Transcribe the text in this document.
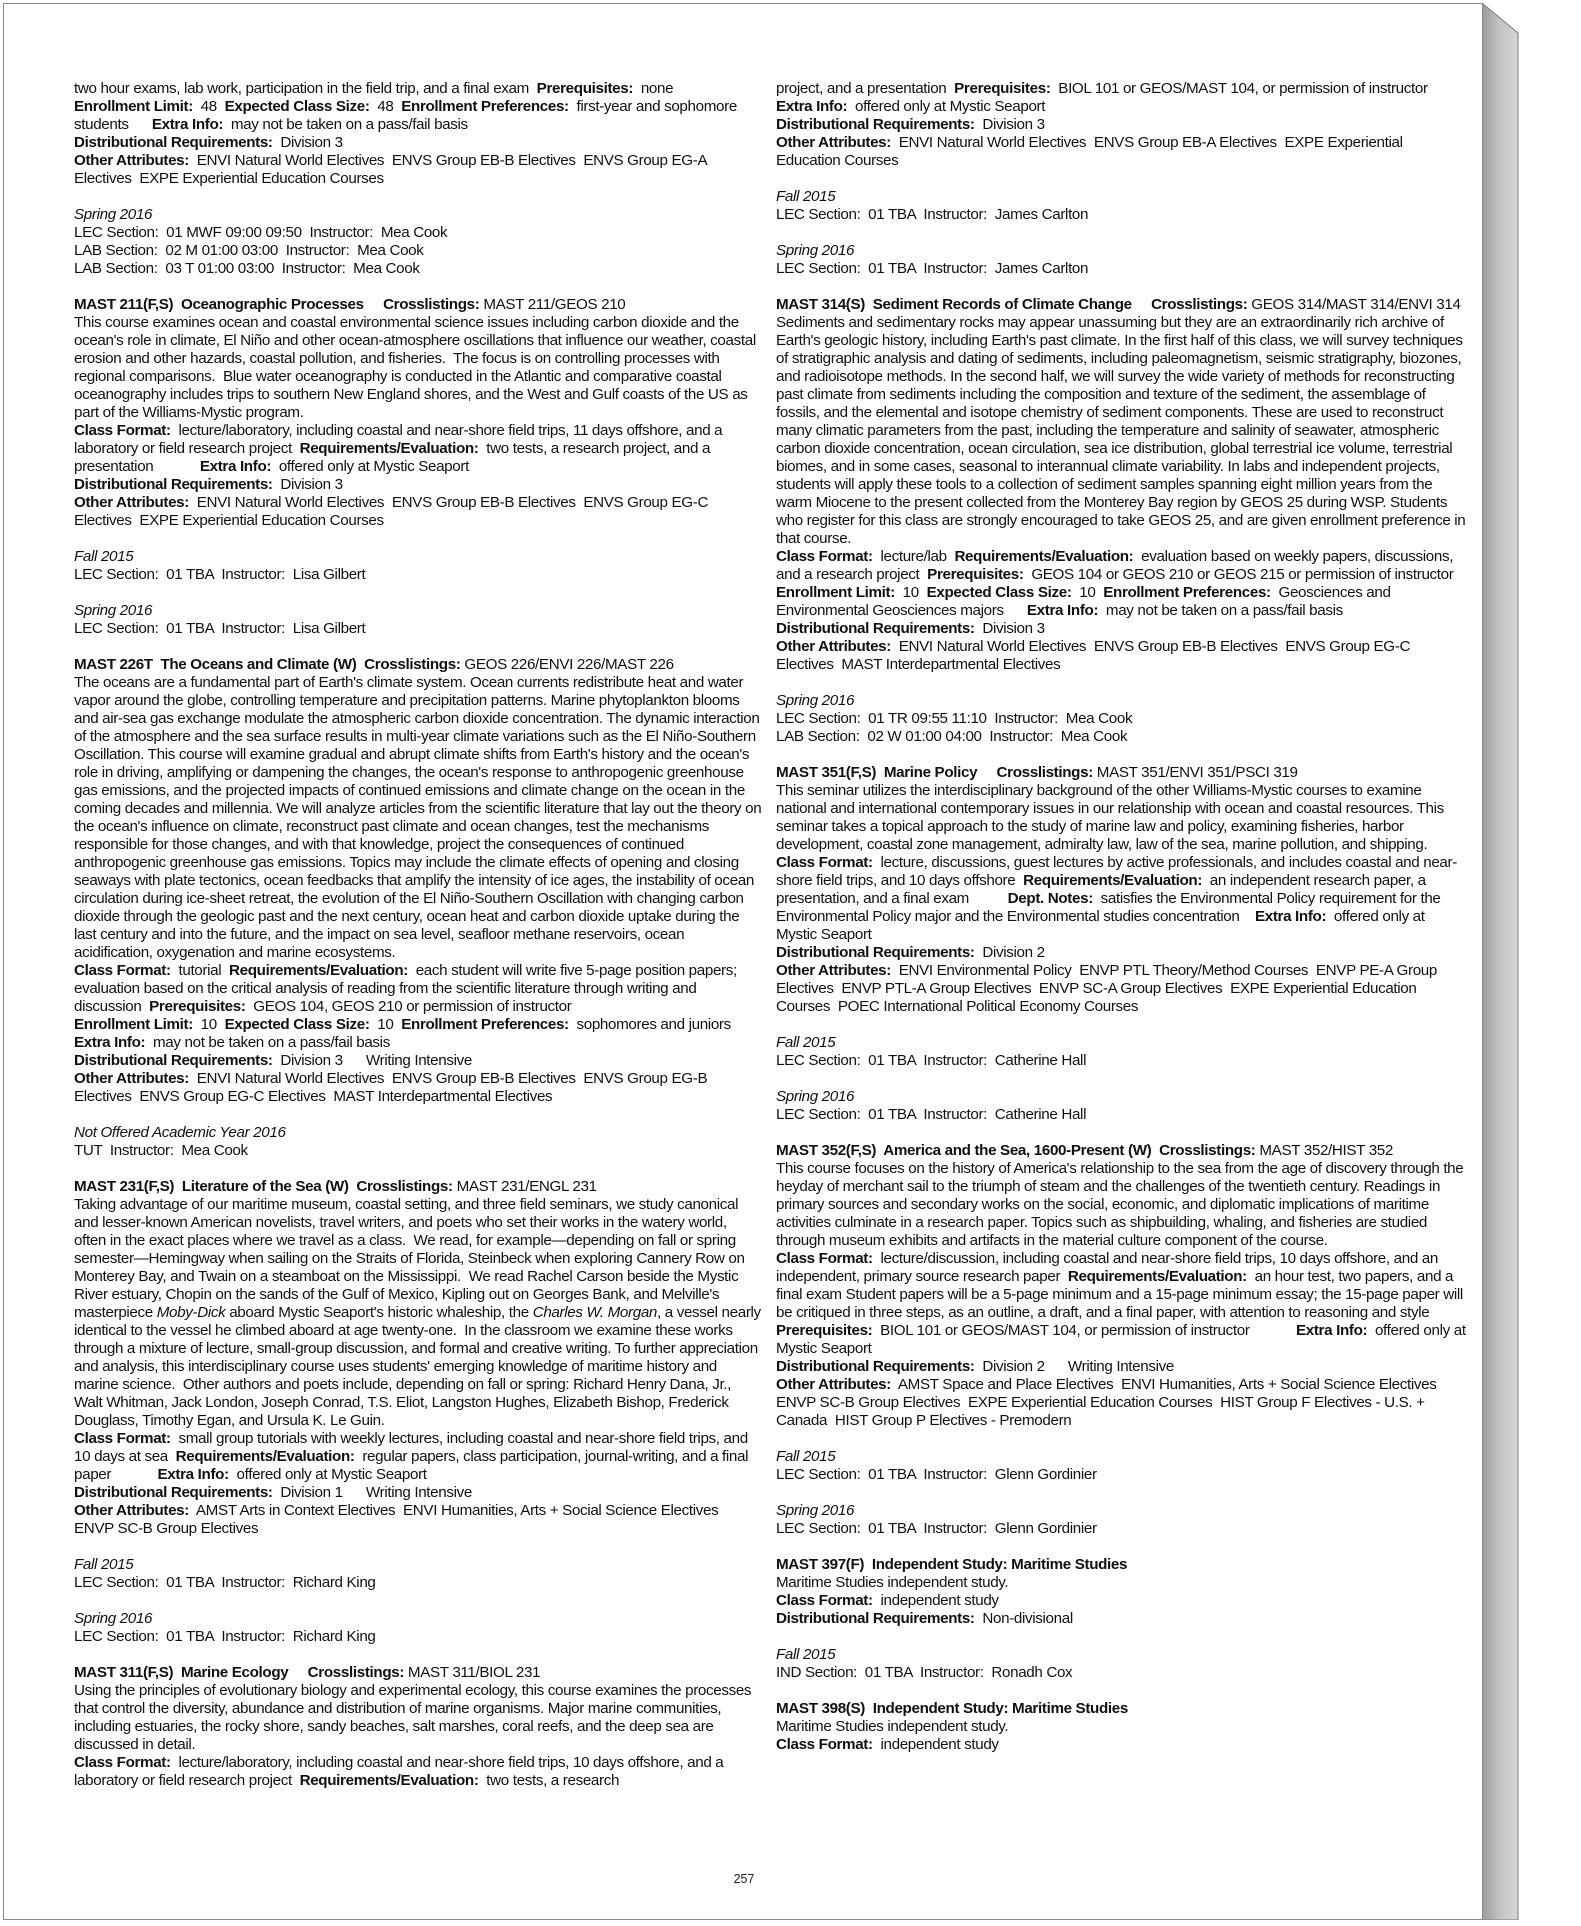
two hour exams, lab work, participation in the field trip, and a final exam  Prerequisites:  none

Enrollment Limit:  48  Expected Class Size:  48  Enrollment Preferences:  first-year and sophomore students      Extra Info:  may not be taken on a pass/fail basis

Distributional Requirements:  Division 3

Other Attributes:  ENVI Natural World Electives  ENVS Group EB-B Electives  ENVS Group EG-A Electives  EXPE Experiential Education Courses

Spring 2016

LEC Section:  01 MWF 09:00 09:50  Instructor:  Mea Cook

LAB Section:  02 M 01:00 03:00  Instructor:  Mea Cook

LAB Section:  03 T 01:00 03:00  Instructor:  Mea Cook

MAST 211(F,S)  Oceanographic Processes     Crosslistings: MAST 211/GEOS 210

This course examines ocean and coastal environmental science issues including carbon dioxide and the ocean's role in climate, El Niño and other ocean-atmosphere oscillations that influence our weather, coastal erosion and other hazards, coastal pollution, and fisheries.  The focus is on controlling processes with regional comparisons.  Blue water oceanography is conducted in the Atlantic and comparative coastal oceanography includes trips to southern New England shores, and the West and Gulf coasts of the US as part of the Williams-Mystic program.

Class Format:  lecture/laboratory, including coastal and near-shore field trips, 11 days offshore, and a laboratory or field research project  Requirements/Evaluation:  two tests, a research project, and a presentation            Extra Info:  offered only at Mystic Seaport

Distributional Requirements:  Division 3

Other Attributes:  ENVI Natural World Electives  ENVS Group EB-B Electives  ENVS Group EG-C Electives  EXPE Experiential Education Courses

Fall 2015

LEC Section:  01 TBA  Instructor:  Lisa Gilbert

Spring 2016

LEC Section:  01 TBA  Instructor:  Lisa Gilbert

MAST 226T  The Oceans and Climate (W)  Crosslistings: GEOS 226/ENVI 226/MAST 226

The oceans are a fundamental part of Earth's climate system. Ocean currents redistribute heat and water vapor around the globe, controlling temperature and precipitation patterns. Marine phytoplankton blooms and air-sea gas exchange modulate the atmospheric carbon dioxide concentration. The dynamic interaction of the atmosphere and the sea surface results in multi-year climate variations such as the El Niño-Southern Oscillation. This course will examine gradual and abrupt climate shifts from Earth's history and the ocean's role in driving, amplifying or dampening the changes, the ocean's response to anthropogenic greenhouse gas emissions, and the projected impacts of continued emissions and climate change on the ocean in the coming decades and millennia. We will analyze articles from the scientific literature that lay out the theory on the ocean's influence on climate, reconstruct past climate and ocean changes, test the mechanisms responsible for those changes, and with that knowledge, project the consequences of continued anthropogenic greenhouse gas emissions. Topics may include the climate effects of opening and closing seaways with plate tectonics, ocean feedbacks that amplify the intensity of ice ages, the instability of ocean circulation during ice-sheet retreat, the evolution of the El Niño-Southern Oscillation with changing carbon dioxide through the geologic past and the next century, ocean heat and carbon dioxide uptake during the last century and into the future, and the impact on sea level, seafloor methane reservoirs, ocean acidification, oxygenation and marine ecosystems.

Class Format:  tutorial  Requirements/Evaluation:  each student will write five 5-page position papers; evaluation based on the critical analysis of reading from the scientific literature through writing and discussion  Prerequisites:  GEOS 104, GEOS 210 or permission of instructor

Enrollment Limit:  10  Expected Class Size:  10  Enrollment Preferences:  sophomores and juniors      Extra Info:  may not be taken on a pass/fail basis

Distributional Requirements:  Division 3      Writing Intensive

Other Attributes:  ENVI Natural World Electives  ENVS Group EB-B Electives  ENVS Group EG-B Electives  ENVS Group EG-C Electives  MAST Interdepartmental Electives

Not Offered Academic Year 2016

TUT  Instructor:  Mea Cook

MAST 231(F,S)  Literature of the Sea (W)  Crosslistings: MAST 231/ENGL 231

Taking advantage of our maritime museum, coastal setting, and three field seminars, we study canonical and lesser-known American novelists, travel writers, and poets who set their works in the watery world, often in the exact places where we travel as a class.  We read, for example—depending on fall or spring semester—Hemingway when sailing on the Straits of Florida, Steinbeck when exploring Cannery Row on Monterey Bay, and Twain on a steamboat on the Mississippi.  We read Rachel Carson beside the Mystic River estuary, Chopin on the sands of the Gulf of Mexico, Kipling out on Georges Bank, and Melville's masterpiece Moby-Dick aboard Mystic Seaport's historic whaleship, the Charles W. Morgan, a vessel nearly identical to the vessel he climbed aboard at age twenty-one.  In the classroom we examine these works through a mixture of lecture, small-group discussion, and formal and creative writing. To further appreciation and analysis, this interdisciplinary course uses students' emerging knowledge of maritime history and marine science.  Other authors and poets include, depending on fall or spring: Richard Henry Dana, Jr., Walt Whitman, Jack London, Joseph Conrad, T.S. Eliot, Langston Hughes, Elizabeth Bishop, Frederick Douglass, Timothy Egan, and Ursula K. Le Guin.

Class Format:  small group tutorials with weekly lectures, including coastal and near-shore field trips, and 10 days at sea  Requirements/Evaluation:  regular papers, class participation, journal-writing, and a final paper            Extra Info:  offered only at Mystic Seaport

Distributional Requirements:  Division 1      Writing Intensive

Other Attributes:  AMST Arts in Context Electives  ENVI Humanities, Arts + Social Science Electives  ENVP SC-B Group Electives

Fall 2015

LEC Section:  01 TBA  Instructor:  Richard King

Spring 2016

LEC Section:  01 TBA  Instructor:  Richard King

MAST 311(F,S)  Marine Ecology     Crosslistings: MAST 311/BIOL 231

Using the principles of evolutionary biology and experimental ecology, this course examines the processes that control the diversity, abundance and distribution of marine organisms. Major marine communities, including estuaries, the rocky shore, sandy beaches, salt marshes, coral reefs, and the deep sea are discussed in detail.

Class Format:  lecture/laboratory, including coastal and near-shore field trips, 10 days offshore, and a laboratory or field research project  Requirements/Evaluation:  two tests, a research

project, and a presentation  Prerequisites:  BIOL 101 or GEOS/MAST 104, or permission of instructor            Extra Info:  offered only at Mystic Seaport

Distributional Requirements:  Division 3

Other Attributes:  ENVI Natural World Electives  ENVS Group EB-A Electives  EXPE Experiential Education Courses

Fall 2015

LEC Section:  01 TBA  Instructor:  James Carlton

Spring 2016

LEC Section:  01 TBA  Instructor:  James Carlton

MAST 314(S)  Sediment Records of Climate Change     Crosslistings: GEOS 314/MAST 314/ENVI 314

Sediments and sedimentary rocks may appear unassuming but they are an extraordinarily rich archive of Earth's geologic history, including Earth's past climate. In the first half of this class, we will survey techniques of stratigraphic analysis and dating of sediments, including paleomagnetism, seismic stratigraphy, biozones, and radioisotope methods. In the second half, we will survey the wide variety of methods for reconstructing past climate from sediments including the composition and texture of the sediment, the assemblage of fossils, and the elemental and isotope chemistry of sediment components. These are used to reconstruct many climatic parameters from the past, including the temperature and salinity of seawater, atmospheric carbon dioxide concentration, ocean circulation, sea ice distribution, global terrestrial ice volume, terrestrial biomes, and in some cases, seasonal to interannual climate variability. In labs and independent projects, students will apply these tools to a collection of sediment samples spanning eight million years from the warm Miocene to the present collected from the Monterey Bay region by GEOS 25 during WSP. Students who register for this class are strongly encouraged to take GEOS 25, and are given enrollment preference in that course.

Class Format:  lecture/lab  Requirements/Evaluation:  evaluation based on weekly papers, discussions, and a research project  Prerequisites:  GEOS 104 or GEOS 210 or GEOS 215 or permission of instructor  Enrollment Limit:  10  Expected Class Size:  10  Enrollment Preferences:  Geosciences and Environmental Geosciences majors      Extra Info:  may not be taken on a pass/fail basis

Distributional Requirements:  Division 3

Other Attributes:  ENVI Natural World Electives  ENVS Group EB-B Electives  ENVS Group EG-C Electives  MAST Interdepartmental Electives

Spring 2016

LEC Section:  01 TR 09:55 11:10  Instructor:  Mea Cook

LAB Section:  02 W 01:00 04:00  Instructor:  Mea Cook

MAST 351(F,S)  Marine Policy     Crosslistings: MAST 351/ENVI 351/PSCI 319

This seminar utilizes the interdisciplinary background of the other Williams-Mystic courses to examine national and international contemporary issues in our relationship with ocean and coastal resources. This seminar takes a topical approach to the study of marine law and policy, examining fisheries, harbor development, coastal zone management, admiralty law, law of the sea, marine pollution, and shipping.

Class Format:  lecture, discussions, guest lectures by active professionals, and includes coastal and near-shore field trips, and 10 days offshore  Requirements/Evaluation:  an independent research paper, a presentation, and a final exam          Dept. Notes:  satisfies the Environmental Policy requirement for the Environmental Policy major and the Environmental studies concentration    Extra Info:  offered only at Mystic Seaport

Distributional Requirements:  Division 2

Other Attributes:  ENVI Environmental Policy  ENVP PTL Theory/Method Courses  ENVP PE-A Group Electives  ENVP PTL-A Group Electives  ENVP SC-A Group Electives  EXPE Experiential Education Courses  POEC International Political Economy Courses

Fall 2015

LEC Section:  01 TBA  Instructor:  Catherine Hall

Spring 2016

LEC Section:  01 TBA  Instructor:  Catherine Hall

MAST 352(F,S)  America and the Sea, 1600-Present (W)  Crosslistings: MAST 352/HIST 352

This course focuses on the history of America's relationship to the sea from the age of discovery through the heyday of merchant sail to the triumph of steam and the challenges of the twentieth century. Readings in primary sources and secondary works on the social, economic, and diplomatic implications of maritime activities culminate in a research paper. Topics such as shipbuilding, whaling, and fisheries are studied through museum exhibits and artifacts in the material culture component of the course.

Class Format:  lecture/discussion, including coastal and near-shore field trips, 10 days offshore, and an independent, primary source research paper  Requirements/Evaluation:  an hour test, two papers, and a final exam Student papers will be a 5-page minimum and a 15-page minimum essay; the 15-page paper will be critiqued in three steps, as an outline, a draft, and a final paper, with attention to reasoning and style  Prerequisites:  BIOL 101 or GEOS/MAST 104, or permission of instructor            Extra Info:  offered only at Mystic Seaport

Distributional Requirements:  Division 2      Writing Intensive

Other Attributes:  AMST Space and Place Electives  ENVI Humanities, Arts + Social Science Electives  ENVP SC-B Group Electives  EXPE Experiential Education Courses  HIST Group F Electives - U.S. + Canada  HIST Group P Electives - Premodern

Fall 2015

LEC Section:  01 TBA  Instructor:  Glenn Gordinier

Spring 2016

LEC Section:  01 TBA  Instructor:  Glenn Gordinier

MAST 397(F)  Independent Study: Maritime Studies

Maritime Studies independent study.

Class Format:  independent study

Distributional Requirements:  Non-divisional

Fall 2015

IND Section:  01 TBA  Instructor:  Ronadh Cox

MAST 398(S)  Independent Study: Maritime Studies

Maritime Studies independent study.

Class Format:  independent study

257
